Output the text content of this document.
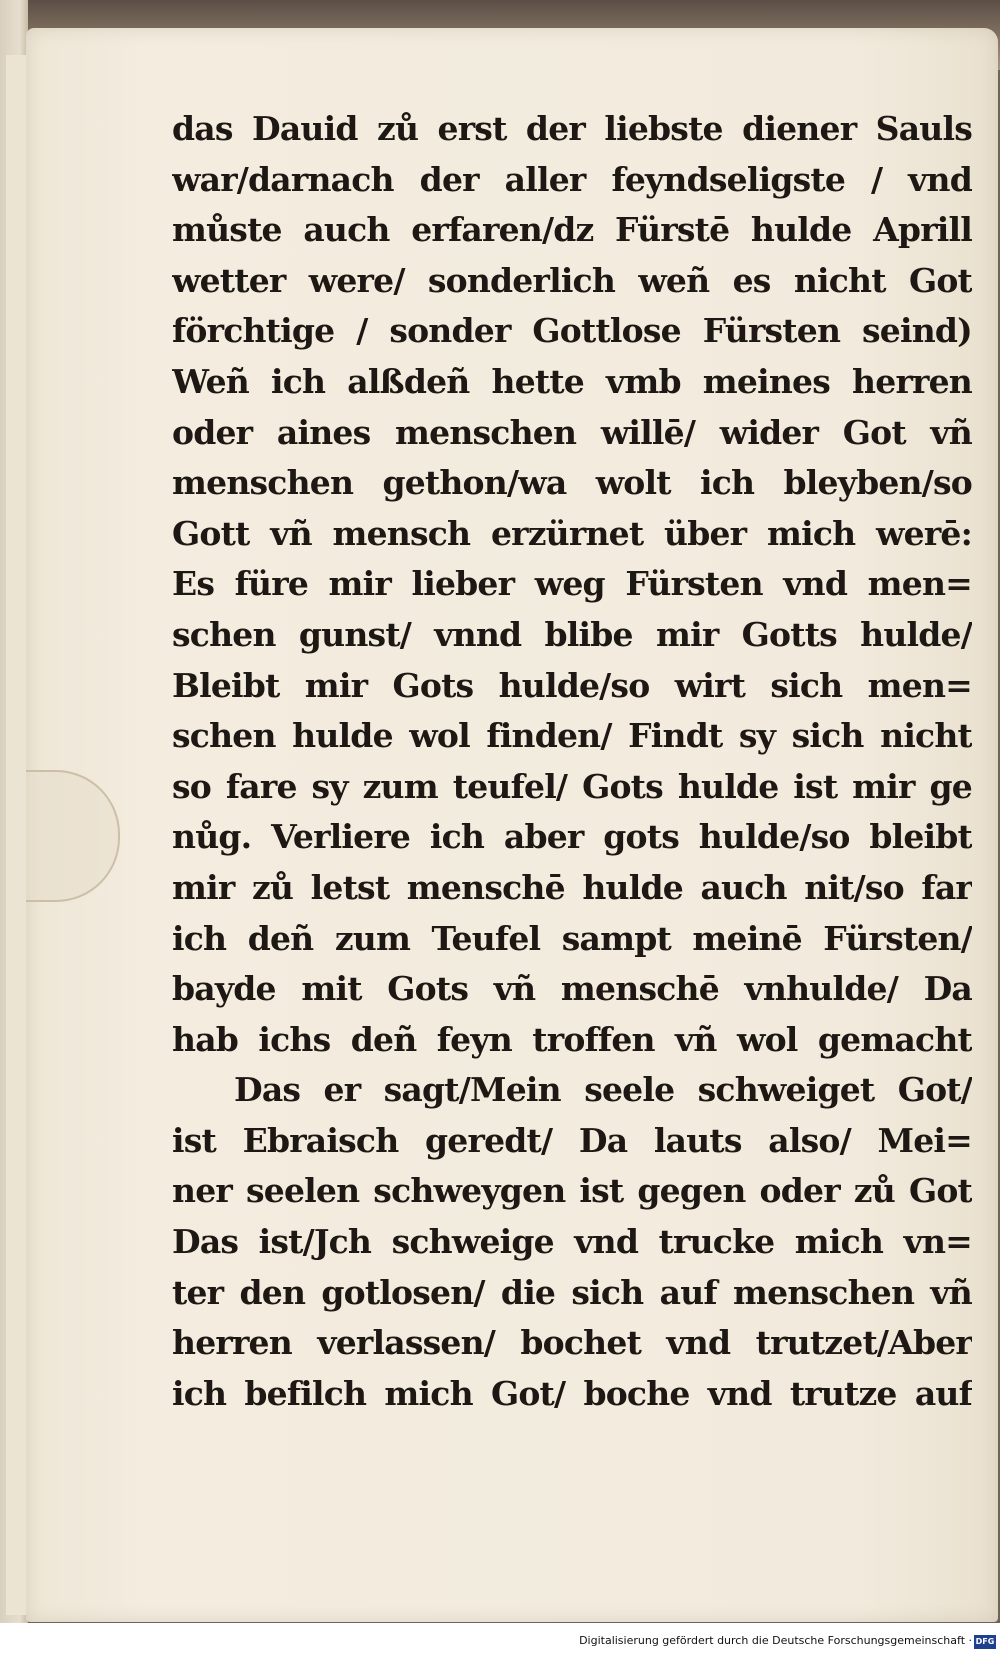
das Dauid zů erst der liebste diener Sauls
war/darnach der aller feyndseligste / vnd
můste auch erfaren/dz Fürstē hulde Aprill
wetter were/ sonderlich weñ es nicht Got
förchtige / sonder Gottlose Fürsten seind)
Weñ ich alßdeñ hette vmb meines herren
oder aines menschen willē/ wider Got vñ
menschen gethon/wa wolt ich bleyben/so
Gott vñ mensch erzürnet über mich werē:
Es füre mir lieber weg Fürsten vnd men=
schen gunst/ vnnd blibe mir Gotts hulde/
Bleibt mir Gots hulde/so wirt sich men=
schen hulde wol finden/ Findt sy sich nicht
so fare sy zum teufel/ Gots hulde ist mir ge
nůg. Verliere ich aber gots hulde/so bleibt
mir zů letst menschē hulde auch nit/so far
ich deñ zum Teufel sampt meinē Fürsten/
bayde mit Gots vñ menschē vnhulde/ Da
hab ichs deñ feyn troffen vñ wol gemacht
Das er sagt/Mein seele schweiget Got/
ist Ebraisch geredt/ Da lauts also/ Mei=
ner seelen schweygen ist gegen oder zů Got
Das ist/Jch schweige vnd trucke mich vn=
ter den gotlosen/ die sich auf menschen vñ
herren verlassen/ bochet vnd trutzet/Aber
ich befilch mich Got/ boche vnd trutze auf
Digitalisierung gefördert durch die Deutsche Forschungsgemeinschaft · DFG
